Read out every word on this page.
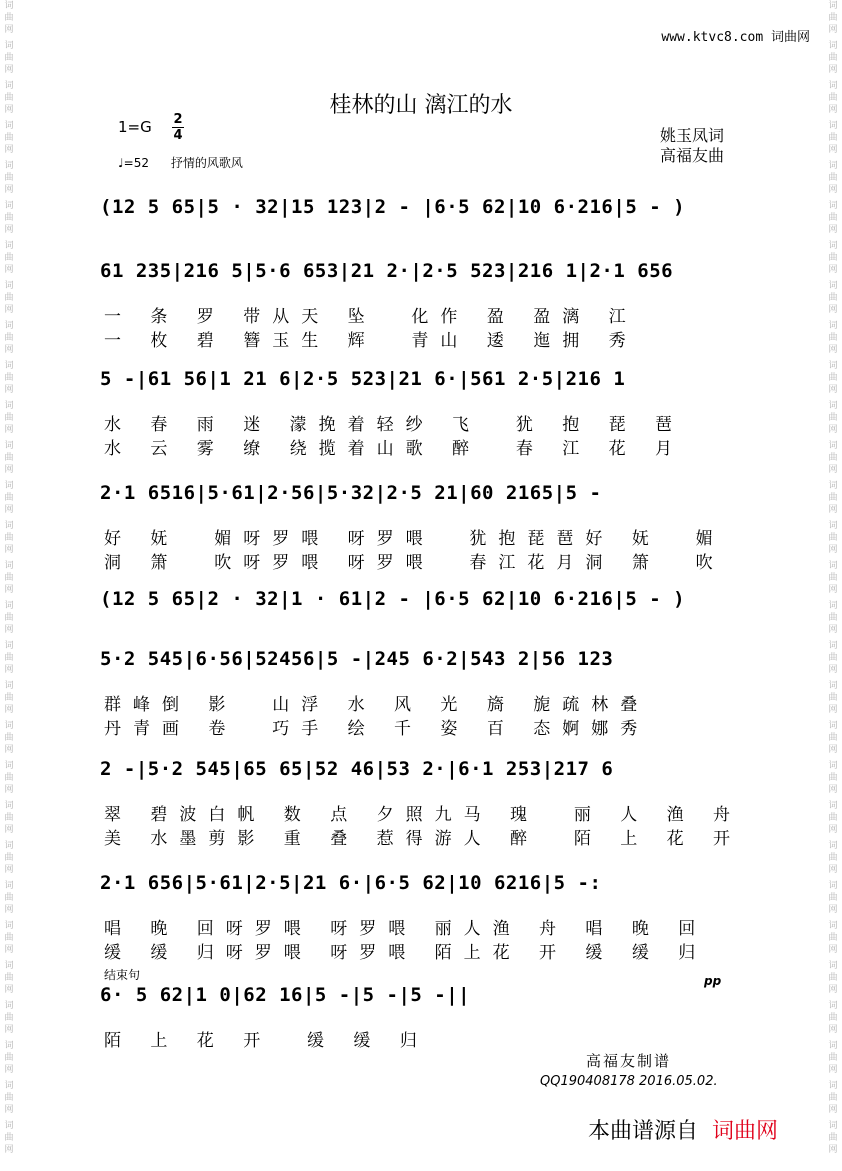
词
曲
网
词
曲
网
词
曲
网
词
曲
网
词
曲
网
词
曲
网
词
曲
网
词
曲
网
词
曲
网
词
曲
网
词
曲
网
词
曲
网
词
曲
网
词
曲
网
词
曲
网
词
曲
网
词
曲
网
词
曲
网
词
曲
网
词
曲
网
词
曲
网
词
曲
网
词
曲
网
词
曲
网
词
曲
网
词
曲
网
词
曲
网
词
曲
网
词
曲
网
词
曲
网
词
曲
网
词
曲
网
词
曲
网
词
曲
网
词
曲
网
词
曲
网
词
曲
网
词
曲
网
词
曲
网
词
曲
网
词
曲
网
词
曲
网
词
曲
网
词
曲
网
词
曲
网
词
曲
网
词
曲
网
词
曲
网
词
曲
网
词
曲
网
词
曲
网
词
曲
网
词
曲
网
词
曲
网
词
曲
网
词
曲
网
词
曲
网
词
曲
网
www.ktvc8.com 词曲网
桂林的山 漓江的水
1=G 2
4	姚玉凤词
高福友曲
♩=52 抒情的风歌风
(12 5 65|5 · 32|15 123|2 - |6·5 62|10 6·216|5 - )
61 235|216 5|5·6 653|21 2·|2·5 523|216 1|2·1 656
一 条 罗 带从天 坠  化作 盈 盈漓 江
一 枚 碧 簪玉生 辉  青山 逶 迤拥 秀
5 -|61 56|1 21 6|2·5 523|21 6·|561 2·5|216 1
水 春 雨 迷 濛挽着轻纱 飞  犹 抱 琵 琶
水 云 雾 缭 绕揽着山歌 醉  春 江 花 月
2·1 6516|5·61|2·56|5·32|2·5 21|60 2165|5 -
好 妩  媚呀罗喂 呀罗喂  犹抱琵琶好 妩  媚
洞 箫  吹呀罗喂 呀罗喂  春江花月洞 箫  吹
(12 5 65|2 · 32|1 · 61|2 - |6·5 62|10 6·216|5 - )
5·2 545|6·56|52456|5 -|245 6·2|543 2|56 123
群峰倒 影  山浮 水 风 光 旖 旎疏林叠
丹青画 卷  巧手 绘 千 姿 百 态婀娜秀
2 -|5·2 545|65 65|52 46|53 2·|6·1 253|217 6
翠 碧波白帆 数 点 夕照九马 瑰  丽 人 渔 舟
美 水墨剪影 重 叠 惹得游人 醉  陌 上 花 开
2·1 656|5·61|2·5|21 6·|6·5 62|10 6216|5 -:
唱 晚 回呀罗喂 呀罗喂 丽人渔 舟 唱 晚 回
缓 缓 归呀罗喂 呀罗喂 陌上花 开 缓 缓 归
6· 5 62|1 0|62 16|5 -|5 -|5 -||
陌 上 花 开  缓 缓 归
结束句	pp
高福友制谱
QQ190408178 2016.05.02.
本曲谱源自 词曲网
